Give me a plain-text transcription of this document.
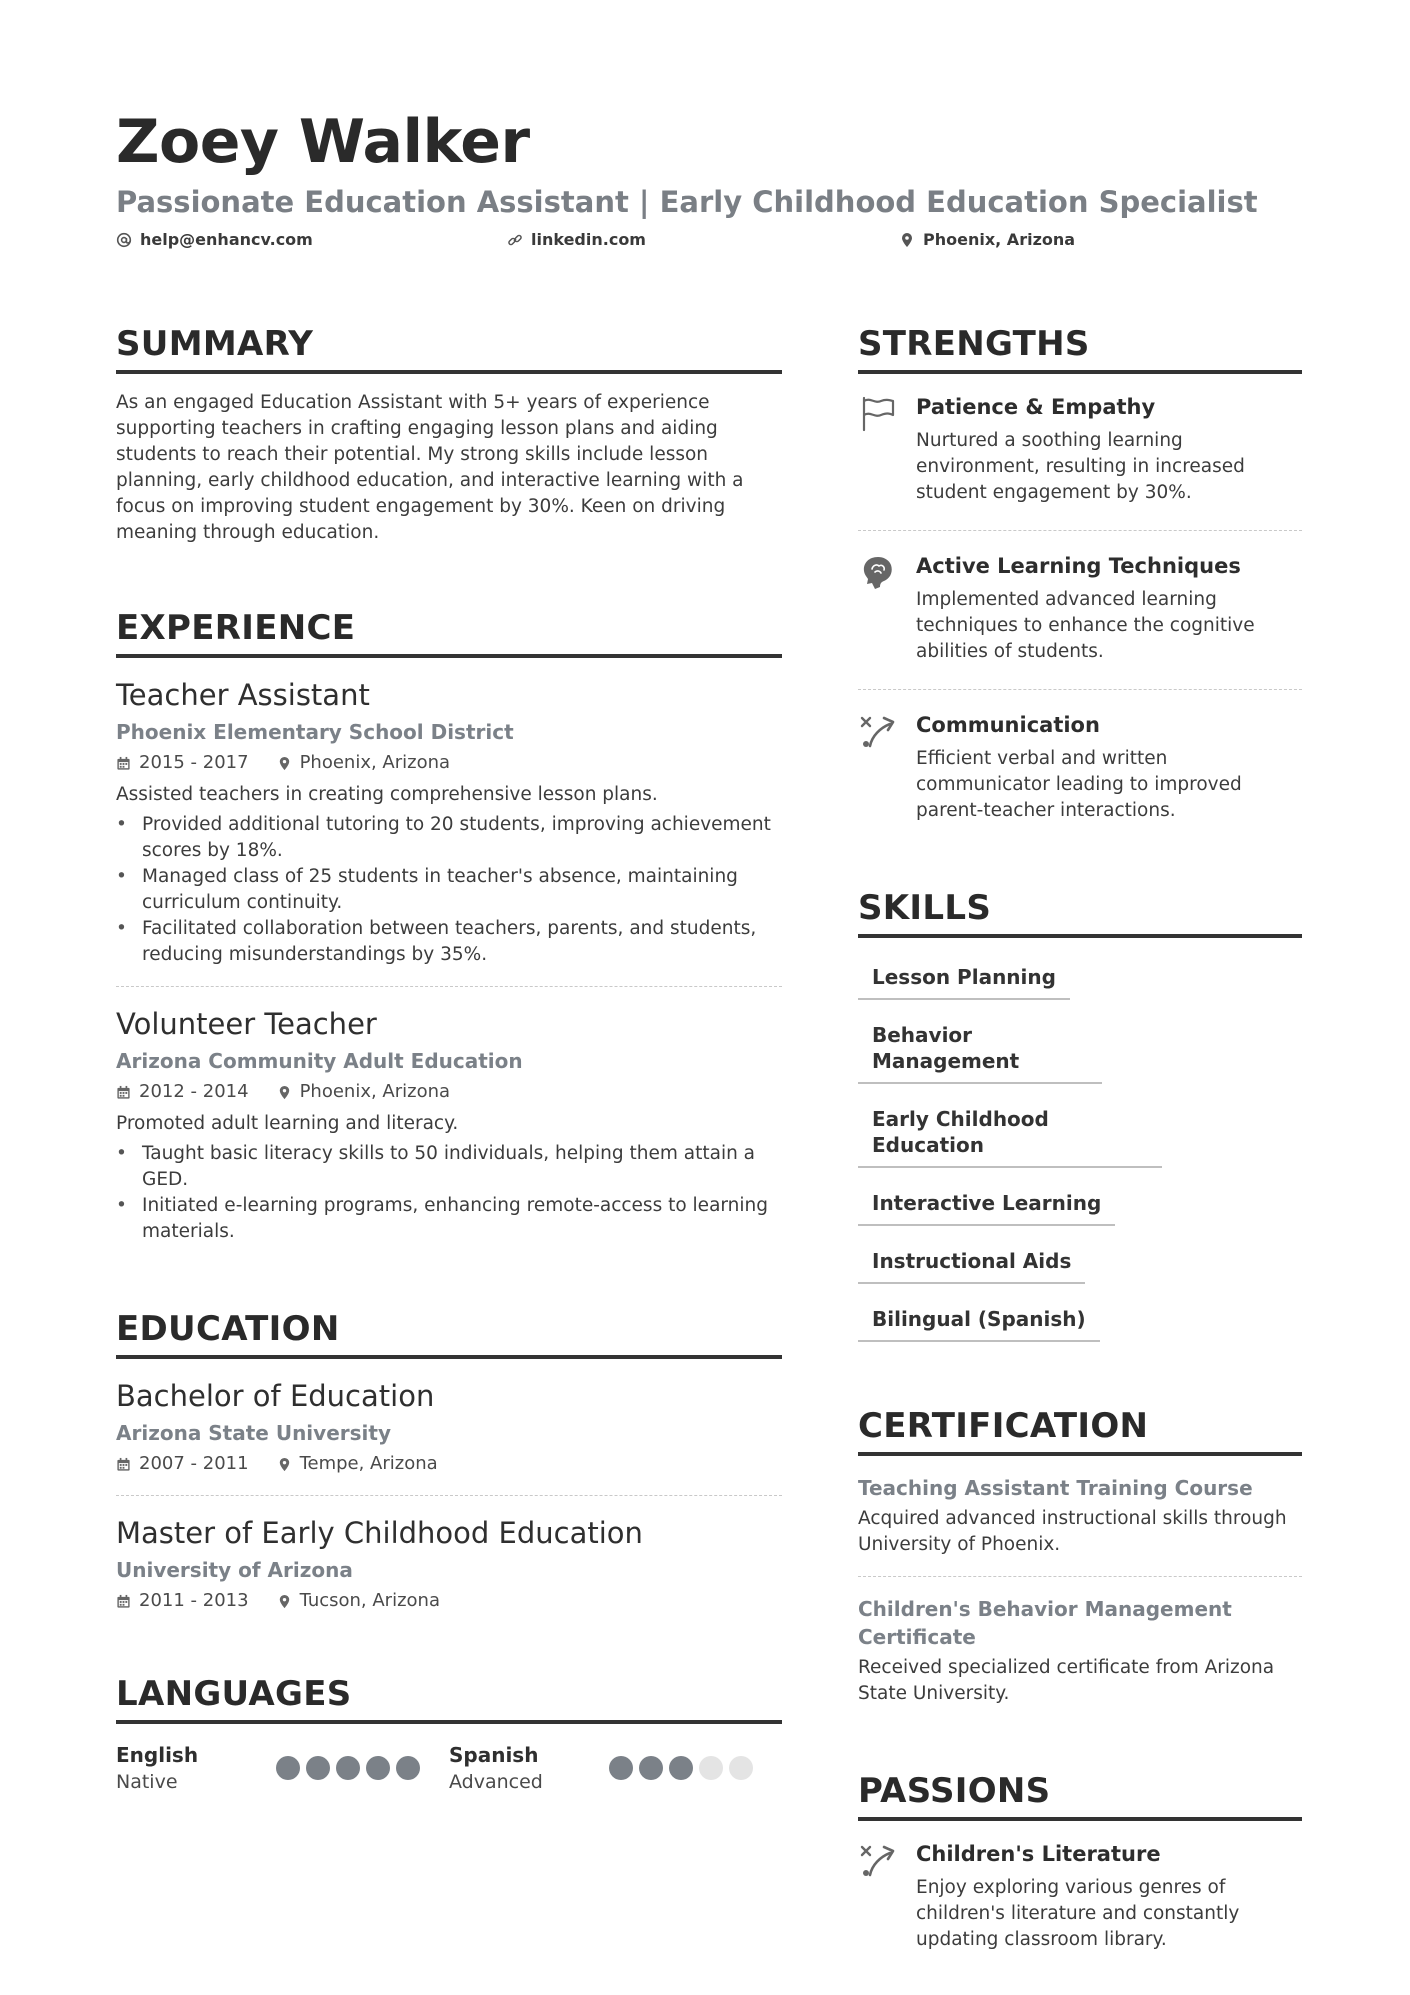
Zoey Walker
Passionate Education Assistant | Early Childhood Education Specialist
help@enhancv.com	linkedin.com	Phoenix, Arizona
SUMMARY
As an engaged Education Assistant with 5+ years of experience supporting teachers in crafting engaging lesson plans and aiding students to reach their potential. My strong skills include lesson planning, early childhood education, and interactive learning with a focus on improving student engagement by 30%. Keen on driving meaning through education.
EXPERIENCE
Teacher Assistant
Phoenix Elementary School District
2015 - 2017	Phoenix, Arizona
Assisted teachers in creating comprehensive lesson plans.
• Provided additional tutoring to 20 students, improving achievement scores by 18%.
• Managed class of 25 students in teacher's absence, maintaining curriculum continuity.
• Facilitated collaboration between teachers, parents, and students, reducing misunderstandings by 35%.
Volunteer Teacher
Arizona Community Adult Education
2012 - 2014	Phoenix, Arizona
Promoted adult learning and literacy.
• Taught basic literacy skills to 50 individuals, helping them attain a GED.
• Initiated e-learning programs, enhancing remote-access to learning materials.
EDUCATION
Bachelor of Education
Arizona State University
2007 - 2011	Tempe, Arizona
Master of Early Childhood Education
University of Arizona
2011 - 2013	Tucson, Arizona
LANGUAGES
English
Native
Spanish
Advanced
STRENGTHS
Patience & Empathy
Nurtured a soothing learning environment, resulting in increased student engagement by 30%.
Active Learning Techniques
Implemented advanced learning techniques to enhance the cognitive abilities of students.
Communication
Efficient verbal and written communicator leading to improved parent-teacher interactions.
SKILLS
Lesson Planning
Behavior Management
Early Childhood Education
Interactive Learning
Instructional Aids
Bilingual (Spanish)
CERTIFICATION
Teaching Assistant Training Course
Acquired advanced instructional skills through University of Phoenix.
Children's Behavior Management Certificate
Received specialized certificate from Arizona State University.
PASSIONS
Children's Literature
Enjoy exploring various genres of children's literature and constantly updating classroom library.
